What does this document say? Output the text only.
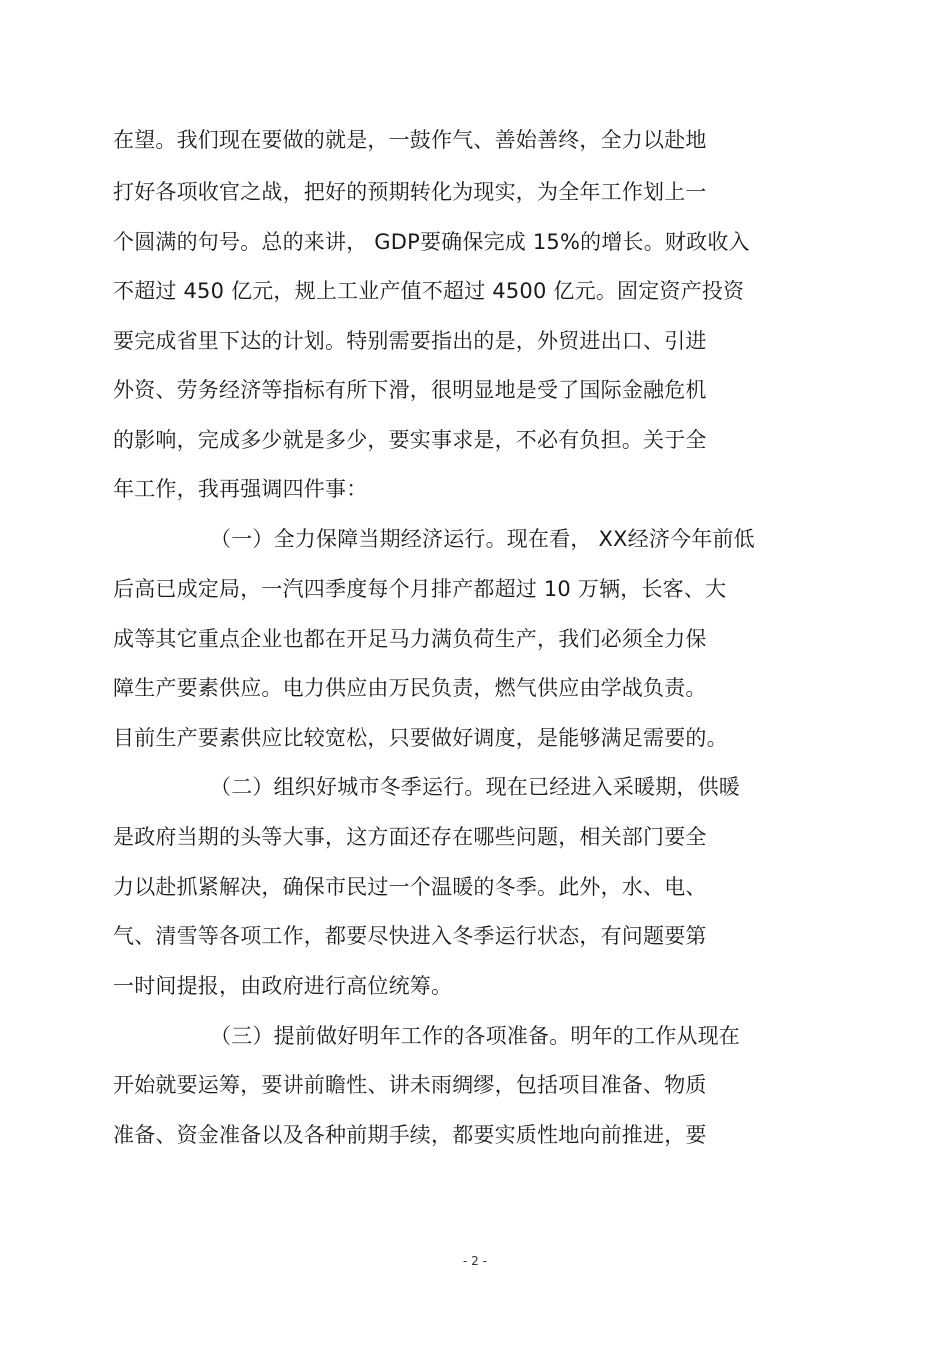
在望。我们现在要做的就是，一鼓作气、善始善终，全力以赴地
打好各项收官之战，把好的预期转化为现实，为全年工作划上一
个圆满的句号。总的来讲， GDP要确保完成 15%的增长。财政收入
不超过 450 亿元，规上工业产值不超过 4500 亿元。固定资产投资
要完成省里下达的计划。特别需要指出的是，外贸进出口、引进
外资、劳务经济等指标有所下滑，很明显地是受了国际金融危机
的影响，完成多少就是多少，要实事求是，不必有负担。关于全
年工作，我再强调四件事：
（一）全力保障当期经济运行。现在看， XX经济今年前低
后高已成定局，一汽四季度每个月排产都超过 10 万辆，长客、大
成等其它重点企业也都在开足马力满负荷生产，我们必须全力保
障生产要素供应。电力供应由万民负责，燃气供应由学战负责。
目前生产要素供应比较宽松，只要做好调度，是能够满足需要的。
（二）组织好城市冬季运行。现在已经进入采暖期，供暖
是政府当期的头等大事，这方面还存在哪些问题，相关部门要全
力以赴抓紧解决，确保市民过一个温暖的冬季。此外，水、电、
气、清雪等各项工作，都要尽快进入冬季运行状态，有问题要第
一时间提报，由政府进行高位统筹。
（三）提前做好明年工作的各项准备。明年的工作从现在
开始就要运筹，要讲前瞻性、讲未雨绸缪，包括项目准备、物质
准备、资金准备以及各种前期手续，都要实质性地向前推进，要
- 2 -
